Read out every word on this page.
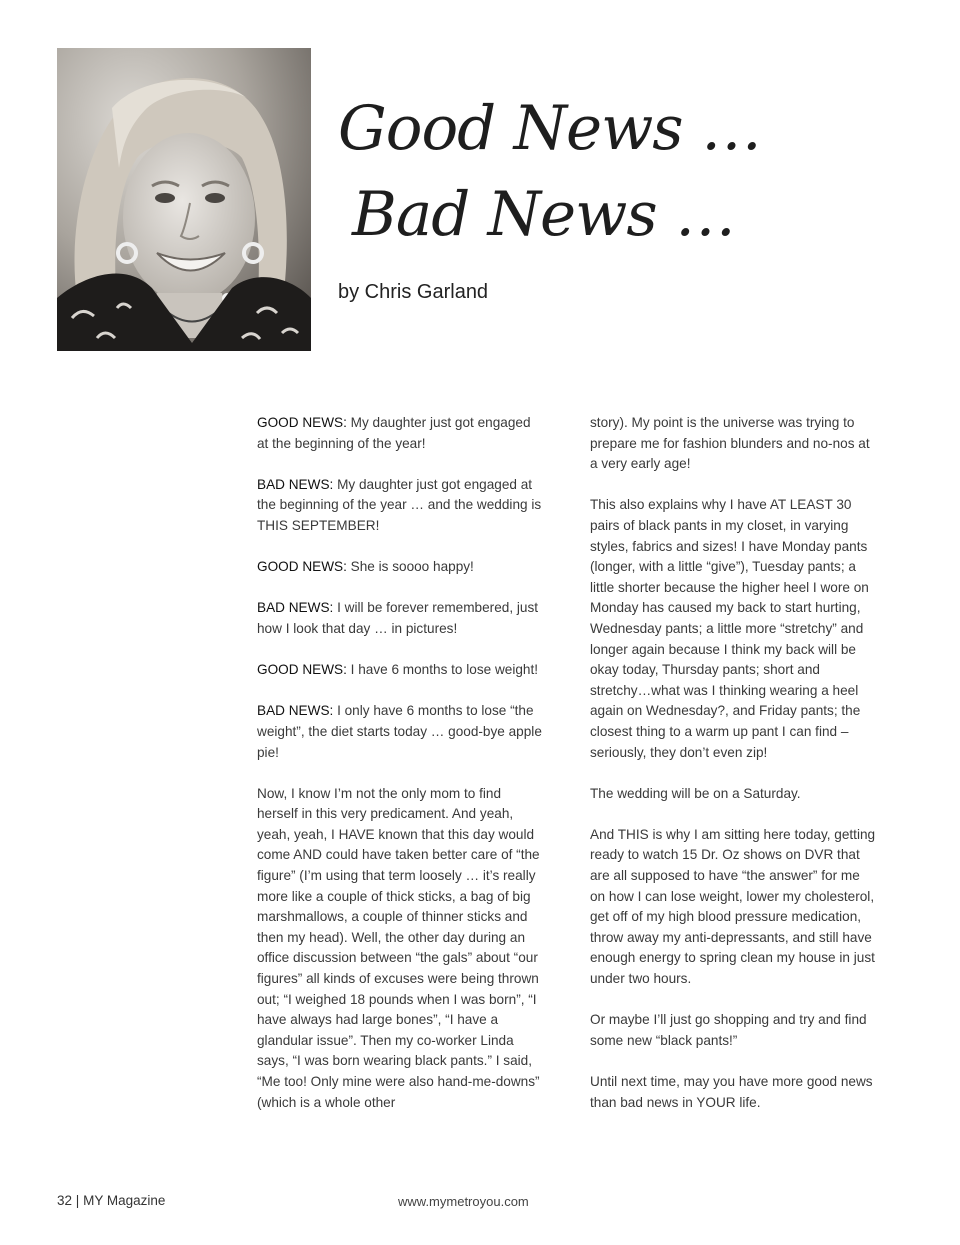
Good News …
Bad News …
by Chris Garland

GOOD NEWS: My daughter just got engaged at the beginning of the year!

BAD NEWS: My daughter just got engaged at the beginning of the year … and the wedding is THIS SEPTEMBER!

GOOD NEWS: She is soooo happy!

BAD NEWS: I will be forever remembered, just how I look that day … in pictures!

GOOD NEWS: I have 6 months to lose weight!

BAD NEWS: I only have 6 months to lose “the weight”, the diet starts today … good-bye apple pie!

Now, I know I’m not the only mom to find herself in this very predicament. And yeah, yeah, yeah, I HAVE known that this day would come AND could have taken better care of “the figure” (I’m using that term loosely … it’s really more like a couple of thick sticks, a bag of big marshmallows, a couple of thinner sticks and then my head). Well, the other day during an office discussion between “the gals” about “our figures” all kinds of excuses were being thrown out; “I weighed 18 pounds when I was born”, “I have always had large bones”, “I have a glandular issue”. Then my co-worker Linda says, “I was born wearing black pants.” I said, “Me too! Only mine were also hand-me-downs” (which is a whole other

story). My point is the universe was trying to prepare me for fashion blunders and no-nos at a very early age!

This also explains why I have AT LEAST 30 pairs of black pants in my closet, in varying styles, fabrics and sizes! I have Monday pants (longer, with a little “give”), Tuesday pants; a little shorter because the higher heel I wore on Monday has caused my back to start hurting, Wednesday pants; a little more “stretchy” and longer again because I think my back will be okay today, Thursday pants; short and stretchy…what was I thinking wearing a heel again on Wednesday?, and Friday pants; the closest thing to a warm up pant I can find – seriously, they don’t even zip!

The wedding will be on a Saturday.

And THIS is why I am sitting here today, getting ready to watch 15 Dr. Oz shows on DVR that are all supposed to have “the answer” for me on how I can lose weight, lower my cholesterol, get off of my high blood pressure medication, throw away my anti-depressants, and still have enough energy to spring clean my house in just under two hours.

Or maybe I’ll just go shopping and try and find some new “black pants!”

Until next time, may you have more good news than bad news in YOUR life.

32 | MY Magazine	www.mymetroyou.com
